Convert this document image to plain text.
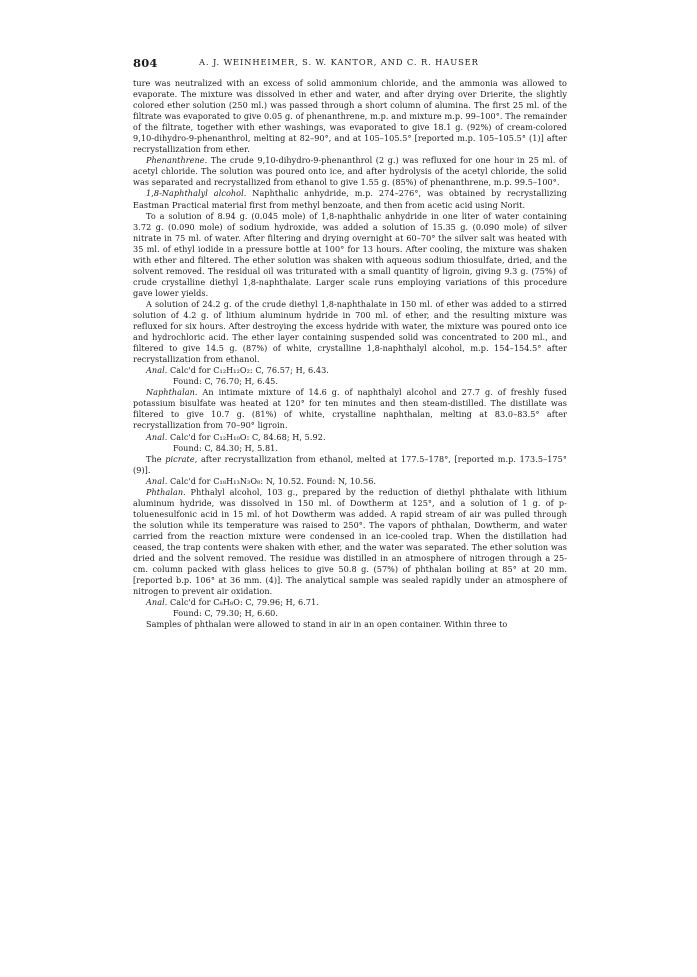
804	A. J. WEINHEIMER, S. W. KANTOR, AND C. R. HAUSER

ture was neutralized with an excess of solid ammonium chloride, and the ammonia was allowed to evaporate. The mixture was dissolved in ether and water, and after drying over Drierite, the slightly colored ether solution (250 ml.) was passed through a short column of alumina. The first 25 ml. of the filtrate was evaporated to give 0.05 g. of phenanthrene, m.p. and mixture m.p. 99–100°. The remainder of the filtrate, together with ether washings, was evaporated to give 18.1 g. (92%) of cream-colored 9,10-dihydro-9-phenanthrol, melting at 82–90°, and at 105–105.5° [reported m.p. 105–105.5° (1)] after recrystallization from ether.

Phenanthrene. The crude 9,10-dihydro-9-phenanthrol (2 g.) was refluxed for one hour in 25 ml. of acetyl chloride. The solution was poured onto ice, and after hydrolysis of the acetyl chloride, the solid was separated and recrystallized from ethanol to give 1.55 g. (85%) of phenanthrene, m.p. 99.5–100°.

1,8-Naphthalyl alcohol. Naphthalic anhydride, m.p. 274–276°, was obtained by recrystallizing Eastman Practical material first from methyl benzoate, and then from acetic acid using Norit.

To a solution of 8.94 g. (0.045 mole) of 1,8-naphthalic anhydride in one liter of water containing 3.72 g. (0.090 mole) of sodium hydroxide, was added a solution of 15.35 g. (0.090 mole) of silver nitrate in 75 ml. of water. After filtering and drying overnight at 60–70° the silver salt was heated with 35 ml. of ethyl iodide in a pressure bottle at 100° for 13 hours. After cooling, the mixture was shaken with ether and filtered. The ether solution was shaken with aqueous sodium thiosulfate, dried, and the solvent removed. The residual oil was triturated with a small quantity of ligroin, giving 9.3 g. (75%) of crude crystalline diethyl 1,8-naphthalate. Larger scale runs employing variations of this procedure gave lower yields.

A solution of 24.2 g. of the crude diethyl 1,8-naphthalate in 150 ml. of ether was added to a stirred solution of 4.2 g. of lithium aluminum hydride in 700 ml. of ether, and the resulting mixture was refluxed for six hours. After destroying the excess hydride with water, the mixture was poured onto ice and hydrochloric acid. The ether layer containing suspended solid was concentrated to 200 ml., and filtered to give 14.5 g. (87%) of white, crystalline 1,8-naphthalyl alcohol, m.p. 154–154.5° after recrystallization from ethanol.

Anal. Calc'd for C₁₂H₁₂O₂: C, 76.57; H, 6.43.

Found: C, 76.70; H, 6.45.

Naphthalan. An intimate mixture of 14.6 g. of naphthalyl alcohol and 27.7 g. of freshly fused potassium bisulfate was heated at 120° for ten minutes and then steam-distilled. The distillate was filtered to give 10.7 g. (81%) of white, crystalline naphthalan, melting at 83.0–83.5° after recrystallization from 70–90° ligroin.

Anal. Calc'd for C₁₂H₁₀O: C, 84.68; H, 5.92.

Found: C, 84.30; H, 5.81.

The picrate, after recrystallization from ethanol, melted at 177.5–178°, [reported m.p. 173.5–175° (9)].

Anal. Calc'd for C₁₈H₁₃N₃O₈: N, 10.52. Found: N, 10.56.

Phthalan. Phthalyl alcohol, 103 g., prepared by the reduction of diethyl phthalate with lithium aluminum hydride, was dissolved in 150 ml. of Dowtherm at 125°, and a solution of 1 g. of p-toluenesulfonic acid in 15 ml. of hot Dowtherm was added. A rapid stream of air was pulled through the solution while its temperature was raised to 250°. The vapors of phthalan, Dowtherm, and water carried from the reaction mixture were condensed in an ice-cooled trap. When the distillation had ceased, the trap contents were shaken with ether, and the water was separated. The ether solution was dried and the solvent removed. The residue was distilled in an atmosphere of nitrogen through a 25-cm. column packed with glass helices to give 50.8 g. (57%) of phthalan boiling at 85° at 20 mm. [reported b.p. 106° at 36 mm. (4)]. The analytical sample was sealed rapidly under an atmosphere of nitrogen to prevent air oxidation.

Anal. Calc'd for C₈H₈O: C, 79.96; H, 6.71.

Found: C, 79.30; H, 6.60.

Samples of phthalan were allowed to stand in air in an open container. Within three to
